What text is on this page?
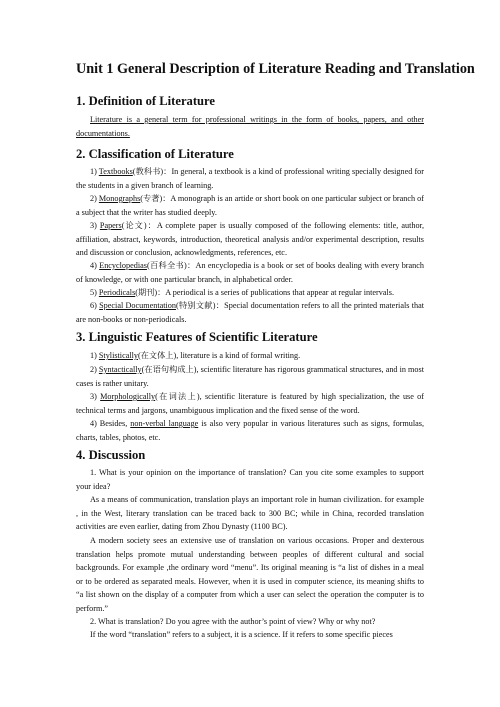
Unit 1 General Description of Literature Reading and Translation
1. Definition of Literature

Literature is a general term for professional writings in the form of books, papers, and other documentations.

2. Classification of Literature

1) Textbooks(教科书)：In general, a textbook is a kind of professional writing specially designed for the students in a given branch of learning.

2) Monographs(专著)：A monograph is an artide or short book on one particular subject or branch of a subject that the writer has studied deeply.

3) Papers(论文)：A complete paper is usually composed of the following elements: title, author, affiliation, abstract, keywords, introduction, theoretical analysis and/or experimental description, results and discussion or conclusion, acknowledgments, references, etc.

4) Encyclopedias(百科全书)：An encyclopedia is a book or set of books dealing with every branch of knowledge, or with one particular branch, in alphabetical order.

5) Periodicals(期刊)：A periodical is a series of publications that appear at regular intervals.

6) Special Documentation(特别文献)：Special documentation refers to all the printed materials that are non-books or non-periodicals.

3. Linguistic Features of Scientific Literature

1) Stylistically(在文体上), literature is a kind of formal writing.

2) Syntactically(在语句构成上), scientific literature has rigorous grammatical structures, and in most cases is rather unitary.

3) Morphologically(在词法上), scientific literature is featured by high specialization, the use of technical terms and jargons, unambiguous implication and the fixed sense of the word.

4) Besides, non-verbal language is also very popular in various literatures such as signs, formulas, charts, tables, photos, etc.

4. Discussion

1. What is your opinion on the importance of translation? Can you cite some examples to support your idea?

As a means of communication, translation plays an important role in human civilization. for example , in the West, literary translation can be traced back to 300 BC; while in China, recorded translation activities are even earlier, dating from Zhou Dynasty (1100 BC).

A modern society sees an extensive use of translation on various occasions. Proper and dexterous translation helps promote mutual understanding between peoples of different cultural and social backgrounds. For example ,the ordinary word “menu”. Its original meaning is “a list of dishes in a meal or to be ordered as separated meals. However, when it is used in computer science, its meaning shifts to “a list shown on the display of a computer from which a user can select the operation the computer is to perform.”

2. What is translation? Do you agree with the author’s point of view? Why or why not?

If the word “translation” refers to a subject, it is a science. If it refers to some specific pieces
